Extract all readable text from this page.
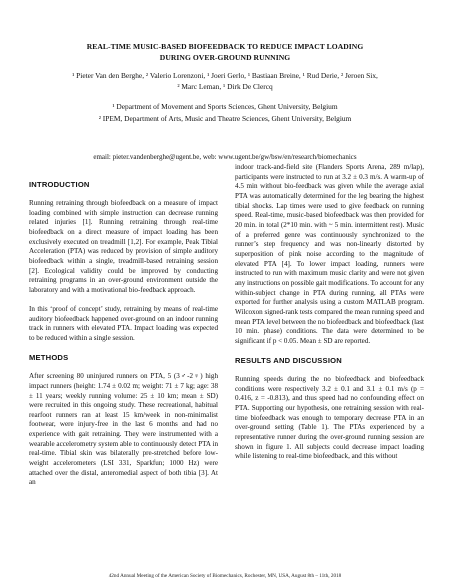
REAL-TIME MUSIC-BASED BIOFEEDBACK TO REDUCE IMPACT LOADING
DURING OVER-GROUND RUNNING
¹ Pieter Van den Berghe, ² Valerio Lorenzoni, ¹ Joeri Gerlo, ¹ Bastiaan Breine, ¹ Rud Derie, ² Jeroen Six,
² Marc Leman, ¹ Dirk De Clercq
¹ Department of Movement and Sports Sciences, Ghent University, Belgium
² IPEM, Department of Arts, Music and Theatre Sciences, Ghent University, Belgium
email: pieter.vandenberghe@ugent.be, web: www.ugent.be/gw/bsw/en/research/biomechanics
INTRODUCTION

Running retraining through biofeedback on a measure of impact loading combined with simple instruction can decrease running related injuries [1]. Running retraining through real-time biofeedback on a direct measure of impact loading has been exclusively executed on treadmill [1,2]. For example, Peak Tibial Acceleration (PTA) was reduced by provision of simple auditory biofeedback within a single, treadmill-based retraining session [2]. Ecological validity could be improved by conducting retraining programs in an over-ground environment outside the laboratory and with a motivational bio-feedback approach.

In this ‘proof of concept’ study, retraining by means of real-time auditory biofeedback happened over-ground on an indoor running track in runners with elevated PTA. Impact loading was expected to be reduced within a single session.

METHODS

After screening 80 uninjured runners on PTA, 5 (3♂-2♀) high impact runners (height: 1.74 ± 0.02 m; weight: 71 ± 7 kg; age: 38 ± 11 years; weekly running volume: 25 ± 10 km; mean ± SD) were recruited in this ongoing study. These recreational, habitual rearfoot runners ran at least 15 km/week in non-minimalist footwear, were injury-free in the last 6 months and had no experience with gait retraining. They were instrumented with a wearable accelerometry system able to continuously detect PTA in real-time. Tibial skin was bilaterally pre-stretched before low-weight accelerometers (LSI 331, Sparkfun; 1000 Hz) were attached over the distal, anteromedial aspect of both tibia [3]. At an

indoor track-and-field site (Flanders Sports Arena, 289 m/lap), participants were instructed to run at 3.2 ± 0.3 m/s. A warm-up of 4.5 min without bio-feedback was given while the average axial PTA was automatically determined for the leg bearing the highest tibial shocks. Lap times were used to give feedback on running speed. Real-time, music-based biofeedback was then provided for 20 min. in total (2*10 min. with ~ 5 min. intermittent rest). Music of a preferred genre was continuously synchronized to the runner’s step frequency and was non-linearly distorted by superposition of pink noise according to the magnitude of elevated PTA [4]. To lower impact loading, runners were instructed to run with maximum music clarity and were not given any instructions on possible gait modifications. To account for any within-subject change in PTA during running, all PTAs were exported for further analysis using a custom MATLAB program. Wilcoxon signed-rank tests compared the mean running speed and mean PTA level between the no biofeedback and biofeedback (last 10 min. phase) conditions. The data were determined to be significant if p < 0.05. Mean ± SD are reported.

RESULTS AND DISCUSSION

Running speeds during the no biofeedback and biofeedback conditions were respectively 3.2 ± 0.1 and 3.1 ± 0.1 m/s (p = 0.416, z = -0.813), and thus speed had no confounding effect on PTA. Supporting our hypothesis, one retraining session with real-time biofeedback was enough to temporary decrease PTA in an over-ground setting (Table 1). The PTAs experienced by a representative runner during the over-ground running session are shown in figure 1. All subjects could decrease impact loading while listening to real-time biofeedback, and this without

42nd Annual Meeting of the American Society of Biomechanics, Rochester, MN, USA, August 8th – 11th, 2018
